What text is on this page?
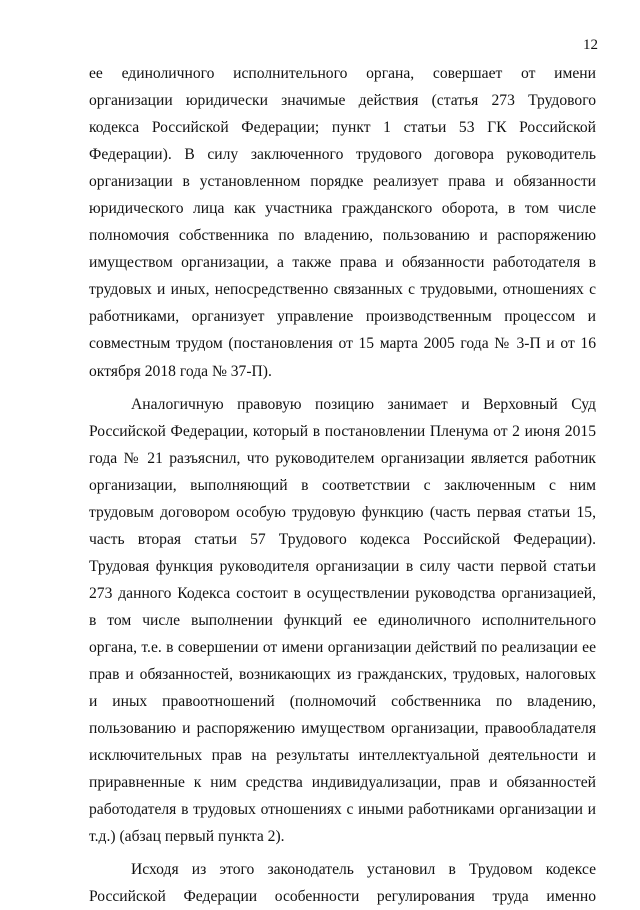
12
ее единоличного исполнительного органа, совершает от имени
организации юридически значимые действия (статья 273 Трудового
кодекса Российской Федерации; пункт 1 статьи 53 ГК Российской
Федерации). В силу заключенного трудового договора руководитель
организации в установленном порядке реализует права и обязанности
юридического лица как участника гражданского оборота, в том числе
полномочия собственника по владению, пользованию и распоряжению
имуществом организации, а также права и обязанности работодателя в
трудовых и иных, непосредственно связанных с трудовыми, отношениях с
работниками, организует управление производственным процессом и
совместным трудом (постановления от 15 марта 2005 года № 3-П и от 16
октября 2018 года № 37-П).
Аналогичную правовую позицию занимает и Верховный Суд
Российской Федерации, который в постановлении Пленума от 2 июня 2015
года № 21 разъяснил, что руководителем организации является работник
организации, выполняющий в соответствии с заключенным с ним
трудовым договором особую трудовую функцию (часть первая статьи 15,
часть вторая статьи 57 Трудового кодекса Российской Федерации).
Трудовая функция руководителя организации в силу части первой статьи
273 данного Кодекса состоит в осуществлении руководства организацией,
в том числе выполнении функций ее единоличного исполнительного
органа, т.е. в совершении от имени организации действий по реализации ее
прав и обязанностей, возникающих из гражданских, трудовых, налоговых
и иных правоотношений (полномочий собственника по владению,
пользованию и распоряжению имуществом организации, правообладателя
исключительных прав на результаты интеллектуальной деятельности и
приравненные к ним средства индивидуализации, прав и обязанностей
работодателя в трудовых отношениях с иными работниками организации и
т.д.) (абзац первый пункта 2).
Исходя из этого законодатель установил в Трудовом кодексе
Российской Федерации особенности регулирования труда именно
